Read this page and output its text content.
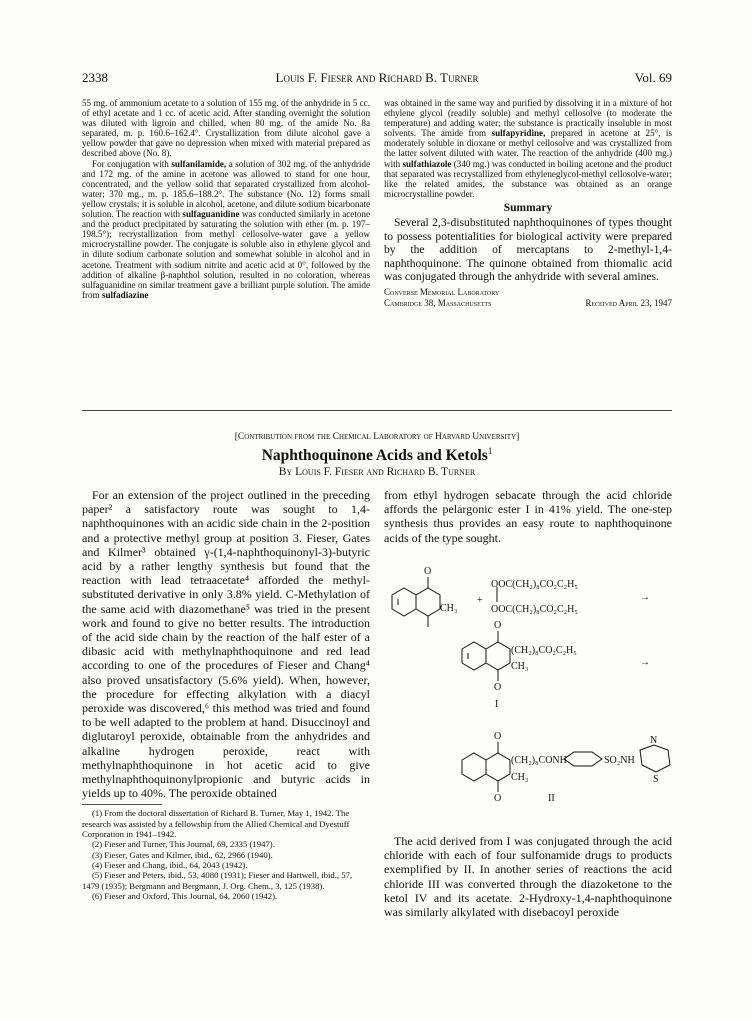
2338	Louis F. Fieser and Richard B. Turner	Vol. 69

55 mg. of ammonium acetate to a solution of 155 mg. of the anhydride in 5 cc. of ethyl acetate and 1 cc. of acetic acid. After standing overnight the solution was diluted with ligroin and chilled, when 80 mg. of the amide No. 8a separated, m. p. 160.6–162.4°. Crystallization from dilute alcohol gave a yellow powder that gave no depression when mixed with material prepared as described above (No. 8).

For conjugation with sulfanilamide, a solution of 302 mg. of the anhydride and 172 mg. of the amine in acetone was allowed to stand for one hour, concentrated, and the yellow solid that separated crystallized from alcohol-water; 370 mg., m. p. 185.6–188.2°. The substance (No. 12) forms small yellow crystals; it is soluble in alcohol, acetone, and dilute sodium bicarbonate solution. The reaction with sulfaguanidine was conducted similarly in acetone and the product precipitated by saturating the solution with ether (m. p. 197–198.5°); recrystallization from methyl cellosolve-water gave a yellow microcrystalline powder. The conjugate is soluble also in ethylene glycol and in dilute sodium carbonate solution and somewhat soluble in alcohol and in acetone. Treatment with sodium nitrite and acetic acid at 0°, followed by the addition of alkaline β-naphthol solution, resulted in no coloration, whereas sulfaguanidine on similar treatment gave a brilliant purple solution. The amide from sulfadiazine

was obtained in the same way and purified by dissolving it in a mixture of hot ethylene glycol (readily soluble) and methyl cellosolve (to moderate the temperature) and adding water; the substance is practically insoluble in most solvents. The amide from sulfapyridine, prepared in acetone at 25°, is moderately soluble in dioxane or methyl cellosolve and was crystallized from the latter solvent diluted with water. The reaction of the anhydride (400 mg.) with sulfathiazole (340 mg.) was conducted in boiling acetone and the product that separated was recrystallized from ethyleneglycol-methyl cellosolve-water; like the related amides, the substance was obtained as an orange microcrystalline powder.

Summary

Several 2,3-disubstituted naphthoquinones of types thought to possess potentialities for biological activity were prepared by the addition of mercaptans to 2-methyl-1,4-naphthoquinone. The quinone obtained from thiomalic acid was conjugated through the anhydride with several amines.

Converse Memorial Laboratory
Cambridge 38, Massachusetts	Received April 23, 1947
[Contribution from the Chemical Laboratory of Harvard University]
Naphthoquinone Acids and Ketols$^1$
By Louis F. Fieser and Richard B. Turner

For an extension of the project outlined in the preceding paper² a satisfactory route was sought to 1,4-naphthoquinones with an acidic side chain in the 2-position and a protective methyl group at position 3. Fieser, Gates and Kilmer³ obtained γ-(1,4-naphthoquinonyl-3)-butyric acid by a rather lengthy synthesis but found that the reaction with lead tetraacetate⁴ afforded the methyl-substituted derivative in only 3.8% yield. C-Methylation of the same acid with diazomethane⁵ was tried in the present work and found to give no better results. The introduction of the acid side chain by the reaction of the half ester of a dibasic acid with methylnaphthoquinone and red lead according to one of the procedures of Fieser and Chang⁴ also proved unsatisfactory (5.6% yield). When, however, the procedure for effecting alkylation with a diacyl peroxide was discovered,⁶ this method was tried and found to be well adapted to the problem at hand. Disuccinoyl and diglutaroyl peroxide, obtainable from the anhydrides and alkaline hydrogen peroxide, react with methylnaphthoquinone in hot acetic acid to give methylnaphthoquinonylpropionic and butyric acids in yields up to 40%. The peroxide obtained

(1) From the doctoral dissertation of Richard B. Turner, May 1, 1942. The research was assisted by a fellowship from the Allied Chemical and Dyestuff Corporation in 1941–1942.

(2) Fieser and Turner, This Journal, 69, 2335 (1947).

(3) Fieser, Gates and Kilmer, ibid., 62, 2966 (1940).

(4) Fieser and Chang, ibid., 64, 2043 (1942).

(5) Fieser and Peters, ibid., 53, 4080 (1931); Fieser and Hartwell, ibid., 57, 1479 (1935); Bergmann and Bergmann, J. Org. Chem., 3, 125 (1938).

(6) Fieser and Oxford, This Journal, 64, 2060 (1942).

from ethyl hydrogen sebacate through the acid chloride affords the pelargonic ester I in 41% yield. The one-step synthesis thus provides an easy route to naphthoquinone acids of the type sought.

O
CH₃
+
OOC(CH₂)₈CO₂C₂H₅
OOC(CH₂)₈CO₂C₂H₅
→
O
(CH₂)₈CO₂C₂H₅
CH₃
O
I
→
O
(CH₂)₈CONH	SO₂NH
N
S
CH₃
O	II

The acid derived from I was conjugated through the acid chloride with each of four sulfonamide drugs to products exemplified by II. In another series of reactions the acid chloride III was converted through the diazoketone to the ketol IV and its acetate. 2-Hydroxy-1,4-naphthoquinone was similarly alkylated with disebacoyl peroxide
